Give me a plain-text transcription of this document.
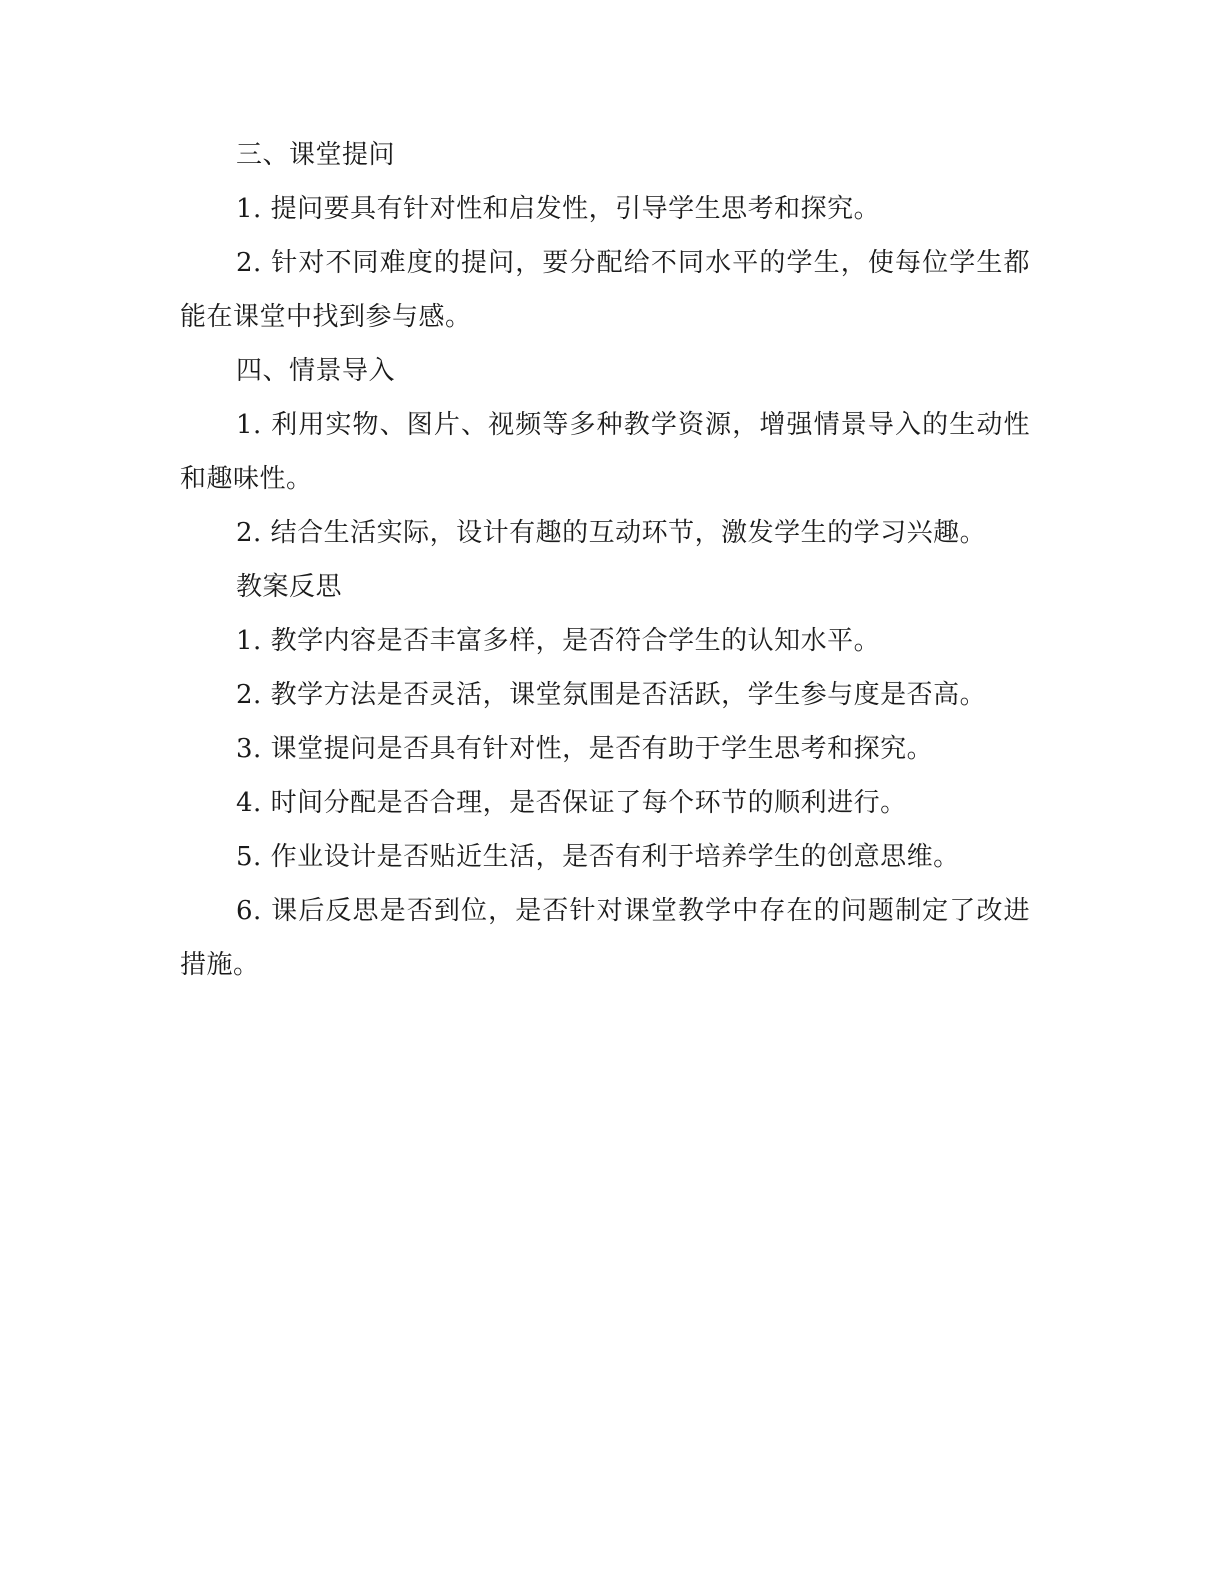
三、课堂提问

1. 提问要具有针对性和启发性，引导学生思考和探究。

2. 针对不同难度的提问，要分配给不同水平的学生，使每位学生都能在课堂中找到参与感。

四、情景导入

1. 利用实物、图片、视频等多种教学资源，增强情景导入的生动性和趣味性。

2. 结合生活实际，设计有趣的互动环节，激发学生的学习兴趣。

教案反思

1. 教学内容是否丰富多样，是否符合学生的认知水平。

2. 教学方法是否灵活，课堂氛围是否活跃，学生参与度是否高。

3. 课堂提问是否具有针对性，是否有助于学生思考和探究。

4. 时间分配是否合理，是否保证了每个环节的顺利进行。

5. 作业设计是否贴近生活，是否有利于培养学生的创意思维。

6. 课后反思是否到位，是否针对课堂教学中存在的问题制定了改进措施。
